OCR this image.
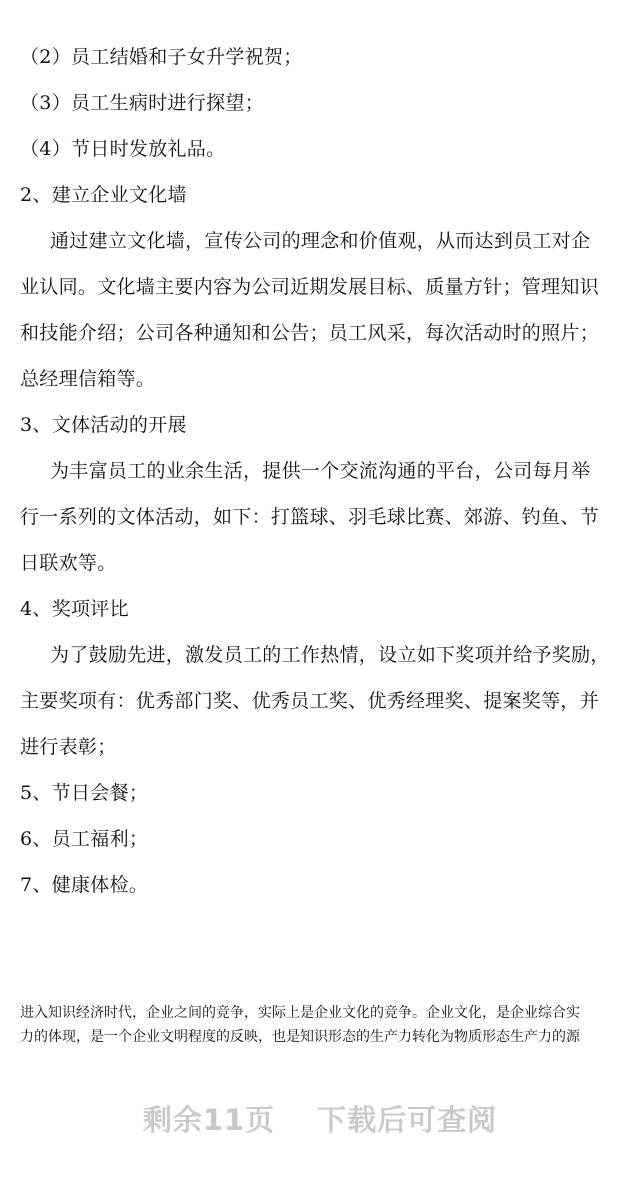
（2）员工结婚和子女升学祝贺；
（3）员工生病时进行探望；
（4）节日时发放礼品。
2、建立企业文化墙
通过建立文化墙，宣传公司的理念和价值观，从而达到员工对企
业认同。文化墙主要内容为公司近期发展目标、质量方针；管理知识
和技能介绍；公司各种通知和公告；员工风采，每次活动时的照片；
总经理信箱等。
3、文体活动的开展
为丰富员工的业余生活，提供一个交流沟通的平台，公司每月举
行一系列的文体活动，如下：打篮球、羽毛球比赛、郊游、钓鱼、节
日联欢等。
4、奖项评比
为了鼓励先进，激发员工的工作热情，设立如下奖项并给予奖励，
主要奖项有：优秀部门奖、优秀员工奖、优秀经理奖、提案奖等，并
进行表彰；
5、节日会餐；
6、员工福利；
7、健康体检。
进入知识经济时代，企业之间的竞争，实际上是企业文化的竞争。企业文化，是企业综合实
力的体现，是一个企业文明程度的反映，也是知识形态的生产力转化为物质形态生产力的源
剩余11页 下载后可查阅
